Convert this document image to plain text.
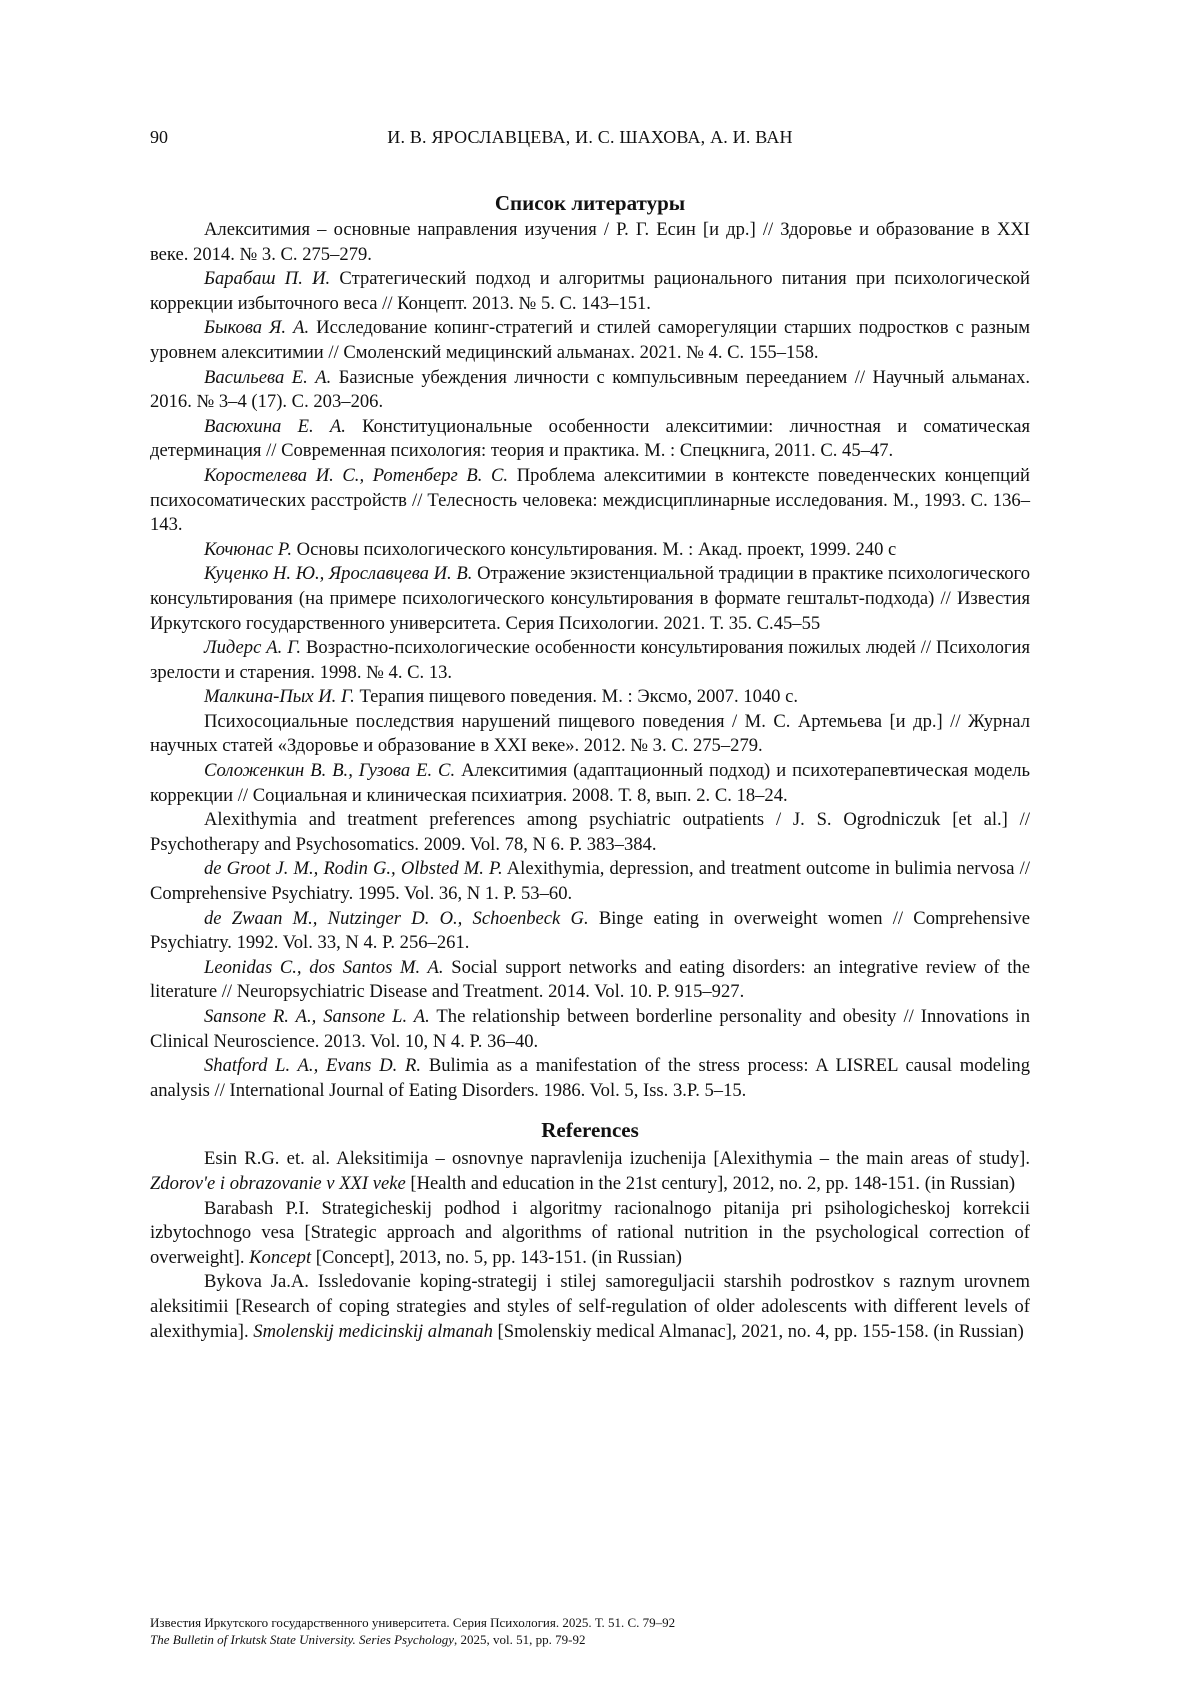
90	И. В. ЯРОСЛАВЦЕВА, И. С. ШАХОВА, А. И. ВАН
Список литературы
Алекситимия – основные направления изучения / Р. Г. Есин [и др.] // Здоровье и образование в XXI веке. 2014. № 3. С. 275–279.
Барабаш П. И. Стратегический подход и алгоритмы рационального питания при психологической коррекции избыточного веса // Концепт. 2013. № 5. С. 143–151.
Быкова Я. А. Исследование копинг-стратегий и стилей саморегуляции старших подростков с разным уровнем алекситимии // Смоленский медицинский альманах. 2021. № 4. С. 155–158.
Васильева Е. А. Базисные убеждения личности с компульсивным перееданием // Научный альманах. 2016. № 3–4 (17). С. 203–206.
Васюхина Е. А. Конституциональные особенности алекситимии: личностная и соматическая детерминация // Современная психология: теория и практика. М. : Спецкнига, 2011. С. 45–47.
Коростелева И. С., Ротенберг В. С. Проблема алекситимии в контексте поведенческих концепций психосоматических расстройств // Телесность человека: междисциплинарные исследования. М., 1993. С. 136–143.
Кочюнас Р. Основы психологического консультирования. М. : Акад. проект, 1999. 240 с
Куценко Н. Ю., Ярославцева И. В. Отражение экзистенциальной традиции в практике психологического консультирования (на примере психологического консультирования в формате гештальт-подхода) // Известия Иркутского государственного университета. Серия Психологии. 2021. Т. 35. С.45–55
Лидерс А. Г. Возрастно-психологические особенности консультирования пожилых людей // Психология зрелости и старения. 1998. № 4. С. 13.
Малкина-Пых И. Г. Терапия пищевого поведения. М. : Эксмо, 2007. 1040 с.
Психосоциальные последствия нарушений пищевого поведения / М. С. Артемьева [и др.] // Журнал научных статей «Здоровье и образование в XXI веке». 2012. № 3. С. 275–279.
Соложенкин В. В., Гузова Е. С. Алекситимия (адаптационный подход) и психотерапевтическая модель коррекции // Социальная и клиническая психиатрия. 2008. Т. 8, вып. 2. С. 18–24.
Alexithymia and treatment preferences among psychiatric outpatients / J. S. Ogrodniczuk [et al.] // Psychotherapy and Psychosomatics. 2009. Vol. 78, N 6. P. 383–384.
de Groot J. M., Rodin G., Olbsted M. P. Alexithymia, depression, and treatment outcome in bulimia nervosa // Comprehensive Psychiatry. 1995. Vol. 36, N 1. P. 53–60.
de Zwaan M., Nutzinger D. O., Schoenbeck G. Binge eating in overweight women // Comprehensive Psychiatry. 1992. Vol. 33, N 4. P. 256–261.
Leonidas C., dos Santos M. A. Social support networks and eating disorders: an integrative review of the literature // Neuropsychiatric Disease and Treatment. 2014. Vol. 10. P. 915–927.
Sansone R. A., Sansone L. A. The relationship between borderline personality and obesity // Innovations in Clinical Neuroscience. 2013. Vol. 10, N 4. P. 36–40.
Shatford L. A., Evans D. R. Bulimia as a manifestation of the stress process: A LISREL causal modeling analysis // International Journal of Eating Disorders. 1986. Vol. 5, Iss. 3.P. 5–15.
References
Esin R.G. et. al. Aleksitimija – osnovnye napravlenija izuchenija [Alexithymia – the main areas of study]. Zdorov'e i obrazovanie v XXI veke [Health and education in the 21st century], 2012, no. 2, pp. 148-151. (in Russian)
Barabash P.I. Strategicheskij podhod i algoritmy racionalnogo pitanija pri psihologicheskoj korrekcii izbytochnogo vesa [Strategic approach and algorithms of rational nutrition in the psychological correction of overweight]. Koncept [Concept], 2013, no. 5, pp. 143-151. (in Russian)
Bykova Ja.A. Issledovanie koping-strategij i stilej samoreguljacii starshih podrostkov s raznym urovnem aleksitimii [Research of coping strategies and styles of self-regulation of older adolescents with different levels of alexithymia]. Smolenskij medicinskij almanah [Smolenskiy medical Almanac], 2021, no. 4, pp. 155-158. (in Russian)
Известия Иркутского государственного университета. Серия Психология. 2025. Т. 51. С. 79–92
The Bulletin of Irkutsk State University. Series Psychology, 2025, vol. 51, pp. 79-92
